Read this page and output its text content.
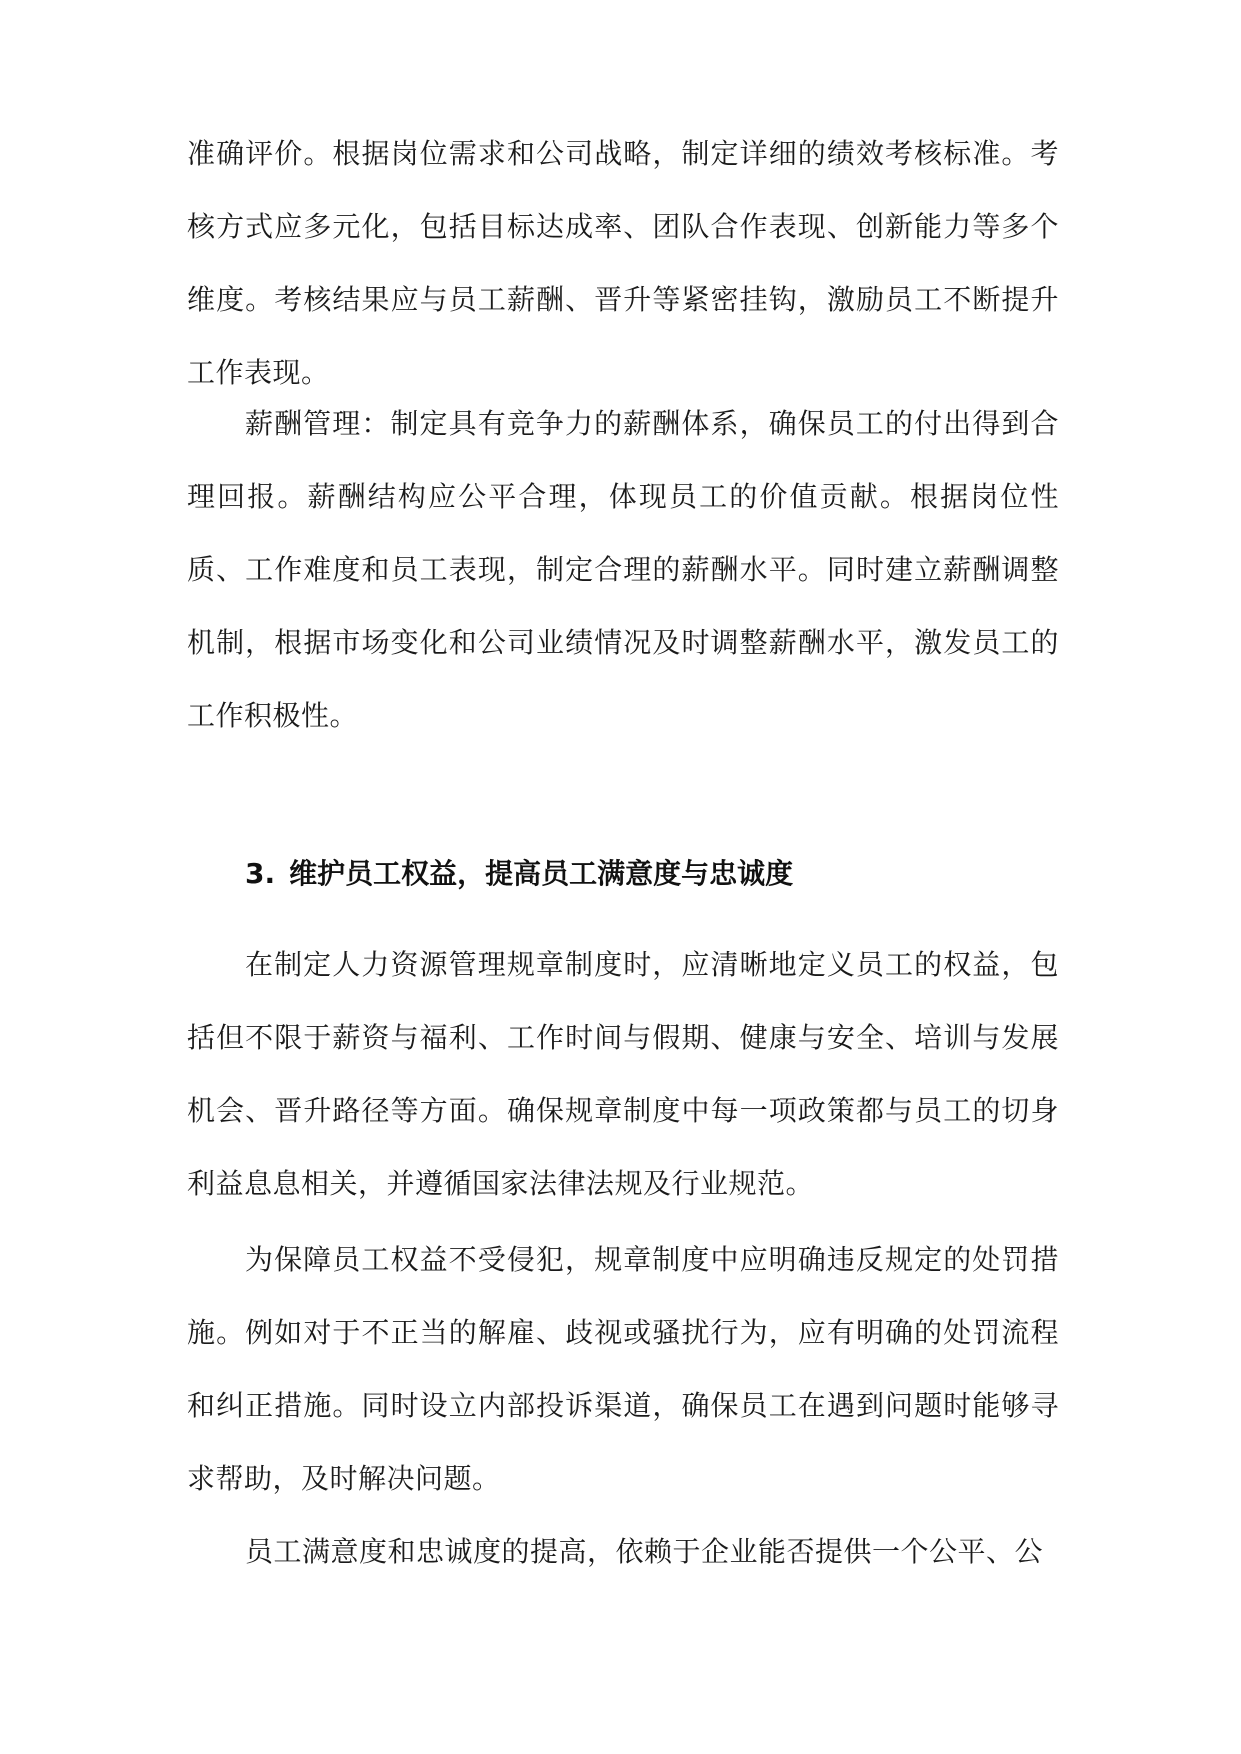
准确评价。根据岗位需求和公司战略，制定详细的绩效考核标准。考核方式应多元化，包括目标达成率、团队合作表现、创新能力等多个维度。考核结果应与员工薪酬、晋升等紧密挂钩，激励员工不断提升工作表现。

薪酬管理：制定具有竞争力的薪酬体系，确保员工的付出得到合理回报。薪酬结构应公平合理，体现员工的价值贡献。根据岗位性质、工作难度和员工表现，制定合理的薪酬水平。同时建立薪酬调整机制，根据市场变化和公司业绩情况及时调整薪酬水平，激发员工的工作积极性。

3. 维护员工权益，提高员工满意度与忠诚度

在制定人力资源管理规章制度时，应清晰地定义员工的权益，包括但不限于薪资与福利、工作时间与假期、健康与安全、培训与发展机会、晋升路径等方面。确保规章制度中每一项政策都与员工的切身利益息息相关，并遵循国家法律法规及行业规范。

为保障员工权益不受侵犯，规章制度中应明确违反规定的处罚措施。例如对于不正当的解雇、歧视或骚扰行为，应有明确的处罚流程和纠正措施。同时设立内部投诉渠道，确保员工在遇到问题时能够寻求帮助，及时解决问题。

员工满意度和忠诚度的提高，依赖于企业能否提供一个公平、公
